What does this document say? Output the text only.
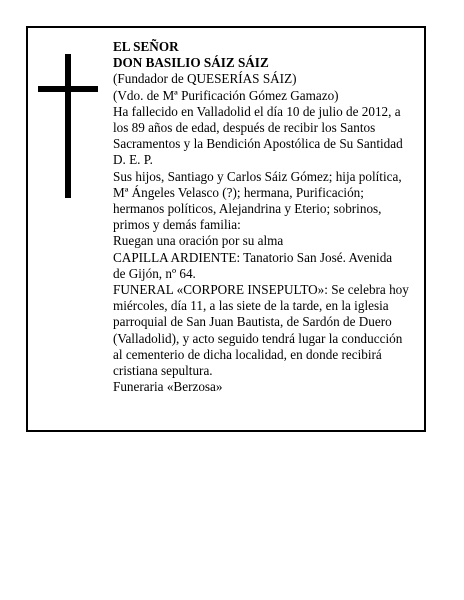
EL SEÑOR
DON BASILIO SÁIZ SÁIZ
(Fundador de QUESERÍAS SÁIZ)
(Vdo. de Mª Purificación Gómez Gamazo)
Ha fallecido en Valladolid el día 10 de julio de 2012, a
los 89 años de edad, después de recibir los Santos
Sacramentos y la Bendición Apostólica de Su Santidad
D. E. P.
Sus hijos, Santiago y Carlos Sáiz Gómez; hija política,
Mª Ángeles Velasco (?); hermana, Purificación;
hermanos políticos, Alejandrina y Eterio; sobrinos,
primos y demás familia:
Ruegan una oración por su alma
CAPILLA ARDIENTE: Tanatorio San José. Avenida
de Gijón, nº 64.
FUNERAL «CORPORE INSEPULTO»: Se celebra hoy
miércoles, día 11, a las siete de la tarde, en la iglesia
parroquial de San Juan Bautista, de Sardón de Duero
(Valladolid), y acto seguido tendrá lugar la conducción
al cementerio de dicha localidad, en donde recibirá
cristiana sepultura.
Funeraria «Berzosa»
